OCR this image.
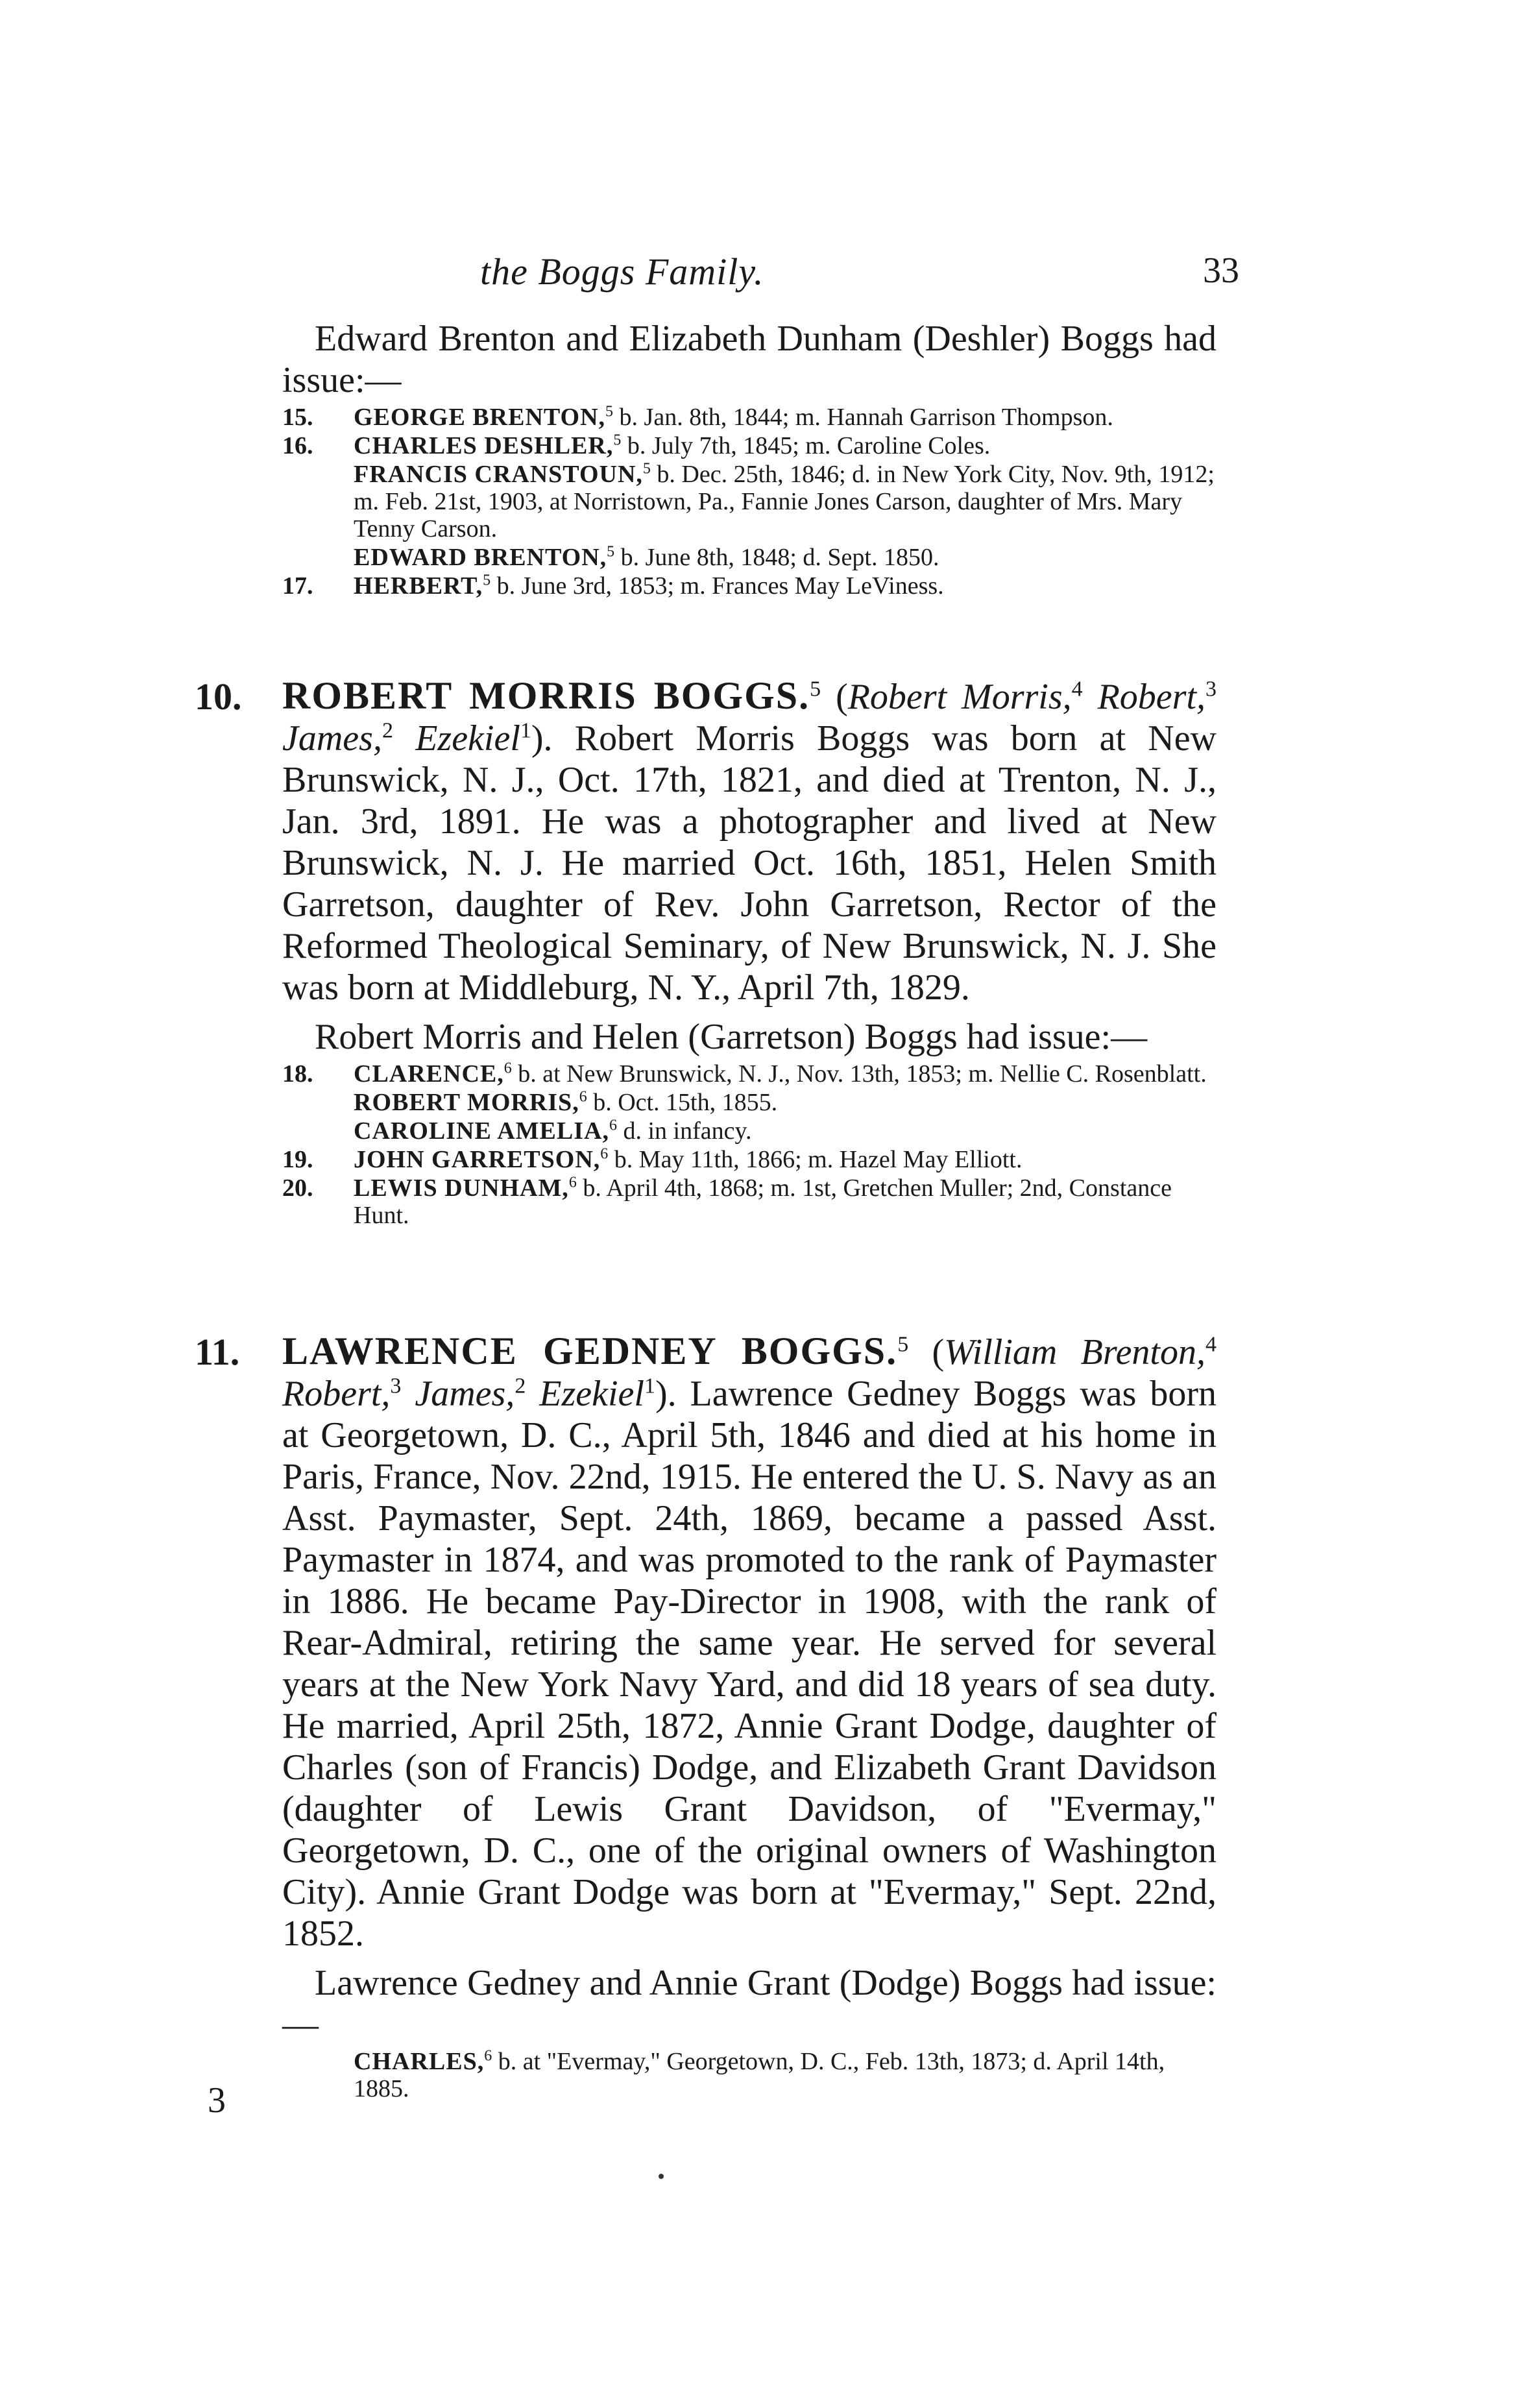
the Boggs Family.	33

Edward Brenton and Elizabeth Dunham (Deshler) Boggs had issue:—

15.	GEORGE BRENTON,$^5$ b. Jan. 8th, 1844; m. Hannah Garrison Thompson.
16.	CHARLES DESHLER,$^5$ b. July 7th, 1845; m. Caroline Coles.
FRANCIS CRANSTOUN,$^5$ b. Dec. 25th, 1846; d. in New York City, Nov. 9th, 1912; m. Feb. 21st, 1903, at Norristown, Pa., Fannie Jones Carson, daughter of Mrs. Mary Tenny Carson.
EDWARD BRENTON,$^5$ b. June 8th, 1848; d. Sept. 1850.
17.	HERBERT,$^5$ b. June 3rd, 1853; m. Frances May LeViness.
10. ROBERT MORRIS BOGGS.$^5$ (Robert Morris,$^4$ Robert,$^3$ James,$^2$ Ezekiel$^1$). Robert Morris Boggs was born at New Brunswick, N. J., Oct. 17th, 1821, and died at Trenton, N. J., Jan. 3rd, 1891. He was a photographer and lived at New Brunswick, N. J. He married Oct. 16th, 1851, Helen Smith Garretson, daughter of Rev. John Garretson, Rector of the Reformed Theological Seminary, of New Brunswick, N. J. She was born at Middleburg, N. Y., April 7th, 1829.

Robert Morris and Helen (Garretson) Boggs had issue:—

18.	CLARENCE,$^6$ b. at New Brunswick, N. J., Nov. 13th, 1853; m. Nellie C. Rosenblatt.
ROBERT MORRIS,$^6$ b. Oct. 15th, 1855.
CAROLINE AMELIA,$^6$ d. in infancy.
19.	JOHN GARRETSON,$^6$ b. May 11th, 1866; m. Hazel May Elliott.
20.	LEWIS DUNHAM,$^6$ b. April 4th, 1868; m. 1st, Gretchen Muller; 2nd, Constance Hunt.
11. LAWRENCE GEDNEY BOGGS.$^5$ (William Brenton,$^4$ Robert,$^3$ James,$^2$ Ezekiel$^1$). Lawrence Gedney Boggs was born at Georgetown, D. C., April 5th, 1846 and died at his home in Paris, France, Nov. 22nd, 1915. He entered the U. S. Navy as an Asst. Paymaster, Sept. 24th, 1869, became a passed Asst. Paymaster in 1874, and was promoted to the rank of Paymaster in 1886. He became Pay-Director in 1908, with the rank of Rear-Admiral, retiring the same year. He served for several years at the New York Navy Yard, and did 18 years of sea duty. He married, April 25th, 1872, Annie Grant Dodge, daughter of Charles (son of Francis) Dodge, and Elizabeth Grant Davidson (daughter of Lewis Grant Davidson, of "Evermay," Georgetown, D. C., one of the original owners of Washington City). Annie Grant Dodge was born at "Evermay," Sept. 22nd, 1852.

Lawrence Gedney and Annie Grant (Dodge) Boggs had issue:—

CHARLES,$^6$ b. at "Evermay," Georgetown, D. C., Feb. 13th, 1873; d. April 14th, 1885.
3
